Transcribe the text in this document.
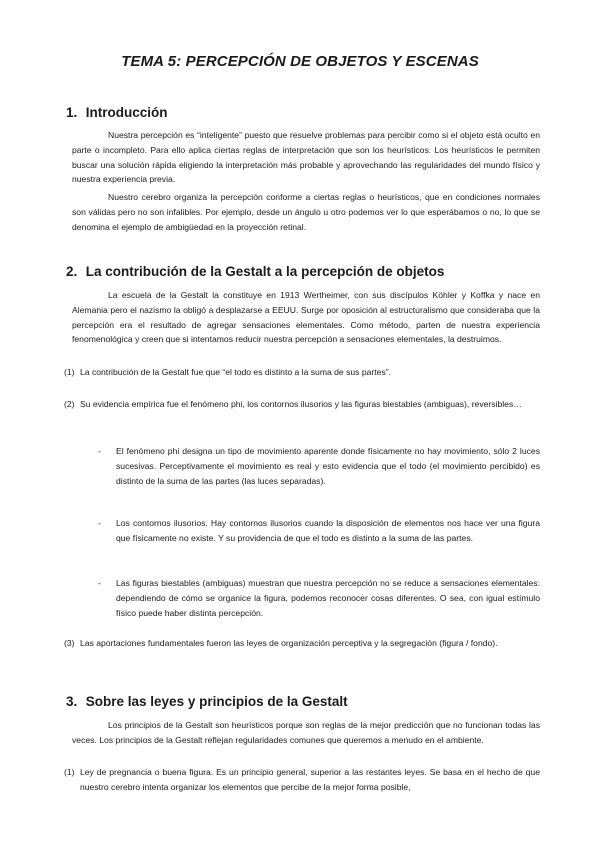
TEMA 5: PERCEPCIÓN DE OBJETOS Y ESCENAS
1. Introducción
Nuestra percepción es “inteligente” puesto que resuelve problemas para percibir como si el objeto está oculto en parte o incompleto. Para ello aplica ciertas reglas de interpretación que son los heurísticos. Los heurísticos le permiten buscar una solución rápida eligiendo la interpretación más probable y aprovechando las regularidades del mundo físico y nuestra experiencia previa.
Nuestro cerebro organiza la percepción conforme a ciertas reglas o heurísticos, que en condiciones normales son válidas pero no son infalibles. Por ejemplo, desde un ángulo u otro podemos ver lo que esperábamos o no, lo que se denomina el ejemplo de ambigüedad en la proyección retinal.
2. La contribución de la Gestalt a la percepción de objetos
La escuela de la Gestalt la constituye en 1913 Wertheimer, con sus discípulos Köhler y Koffka y nace en Alemania pero el nazismo la obligó a desplazarse a EEUU. Surge por oposición al estructuralismo que consideraba que la percepción era el resultado de agregar sensaciones elementales. Como método, parten de nuestra experiencia fenomenológica y creen que si intentamos reducir nuestra percepción a sensaciones elementales, la destruimos.
(1) La contribución de la Gestalt fue que “el todo es distinto a la suma de sus partes”.
(2) Su evidencia empírica fue el fenómeno phi, los contornos ilusorios y las figuras biestables (ambiguas), reversibles…
- El fenómeno phi designa un tipo de movimiento aparente donde físicamente no hay movimiento, sólo 2 luces sucesivas. Perceptivamente el movimiento es real y esto evidencia que el todo (el movimiento percibido) es distinto de la suma de las partes (las luces separadas).
- Los contornos ilusorios. Hay contornos ilusorios cuando la disposición de elementos nos hace ver una figura que físicamente no existe. Y su providencia de que el todo es distinto a la suma de las partes.
- Las figuras biestables (ambiguas) muestran que nuestra percepción no se reduce a sensaciones elementales: dependiendo de cómo se organice la figura, podemos reconocer cosas diferentes. O sea, con igual estímulo físico puede haber distinta percepción.
(3) Las aportaciones fundamentales fueron las leyes de organización perceptiva y la segregación (figura / fondo).
3. Sobre las leyes y principios de la Gestalt
Los principios de la Gestalt son heurísticos porque son reglas de la mejor predicción que no funcionan todas las veces. Los principios de la Gestalt reflejan regularidades comunes que queremos a menudo en el ambiente.
(1) Ley de pregnancia o buena figura. Es un principio general, superior a las restantes leyes. Se basa en el hecho de que nuestro cerebro intenta organizar los elementos que percibe de la mejor forma posible,
